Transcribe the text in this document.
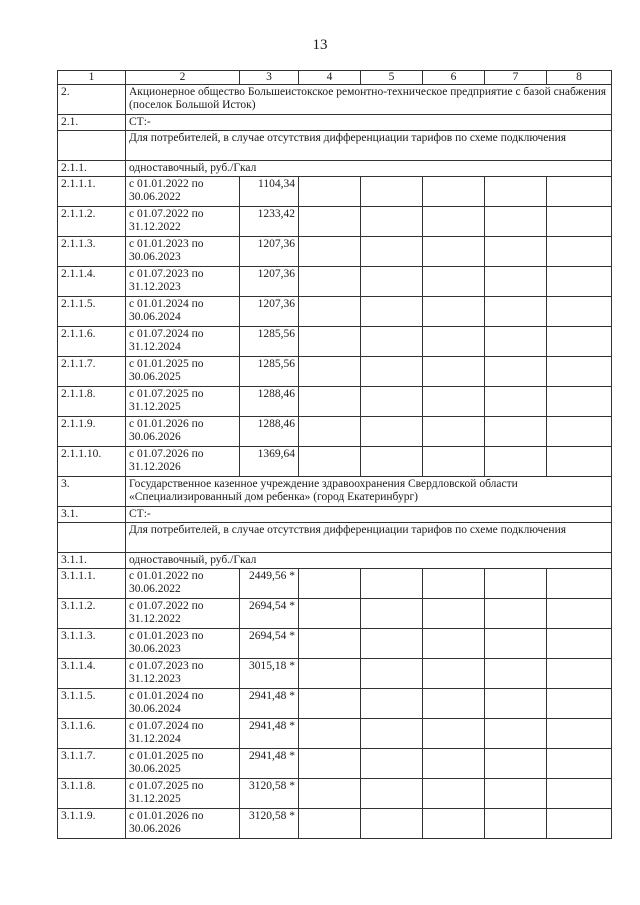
13
1	2	3	4	5	6	7	8
2.	Акционерное общество Большеистокское ремонтно-техническое предприятие с базой снабжения (поселок Большой Исток)						
2.1.	СТ:-						
	Для потребителей, в случае отсутствия дифференциации тарифов по схеме подключения						
2.1.1.	одноставочный, руб./Гкал						
2.1.1.1.	с 01.01.2022 по 30.06.2022	1104,34					
2.1.1.2.	с 01.07.2022 по 31.12.2022	1233,42					
2.1.1.3.	с 01.01.2023 по 30.06.2023	1207,36					
2.1.1.4.	с 01.07.2023 по 31.12.2023	1207,36					
2.1.1.5.	с 01.01.2024 по 30.06.2024	1207,36					
2.1.1.6.	с 01.07.2024 по 31.12.2024	1285,56					
2.1.1.7.	с 01.01.2025 по 30.06.2025	1285,56					
2.1.1.8.	с 01.07.2025 по 31.12.2025	1288,46					
2.1.1.9.	с 01.01.2026 по 30.06.2026	1288,46					
2.1.1.10.	с 01.07.2026 по 31.12.2026	1369,64					
3.	Государственное казенное учреждение здравоохранения Свердловской области «Специализированный дом ребенка» (город Екатеринбург)						
3.1.	СТ:-						
	Для потребителей, в случае отсутствия дифференциации тарифов по схеме подключения						
3.1.1.	одноставочный, руб./Гкал						
3.1.1.1.	с 01.01.2022 по 30.06.2022	2449,56 *					
3.1.1.2.	с 01.07.2022 по 31.12.2022	2694,54 *					
3.1.1.3.	с 01.01.2023 по 30.06.2023	2694,54 *					
3.1.1.4.	с 01.07.2023 по 31.12.2023	3015,18 *					
3.1.1.5.	с 01.01.2024 по 30.06.2024	2941,48 *					
3.1.1.6.	с 01.07.2024 по 31.12.2024	2941,48 *					
3.1.1.7.	с 01.01.2025 по 30.06.2025	2941,48 *					
3.1.1.8.	с 01.07.2025 по 31.12.2025	3120,58 *					
3.1.1.9.	с 01.01.2026 по 30.06.2026	3120,58 *					
